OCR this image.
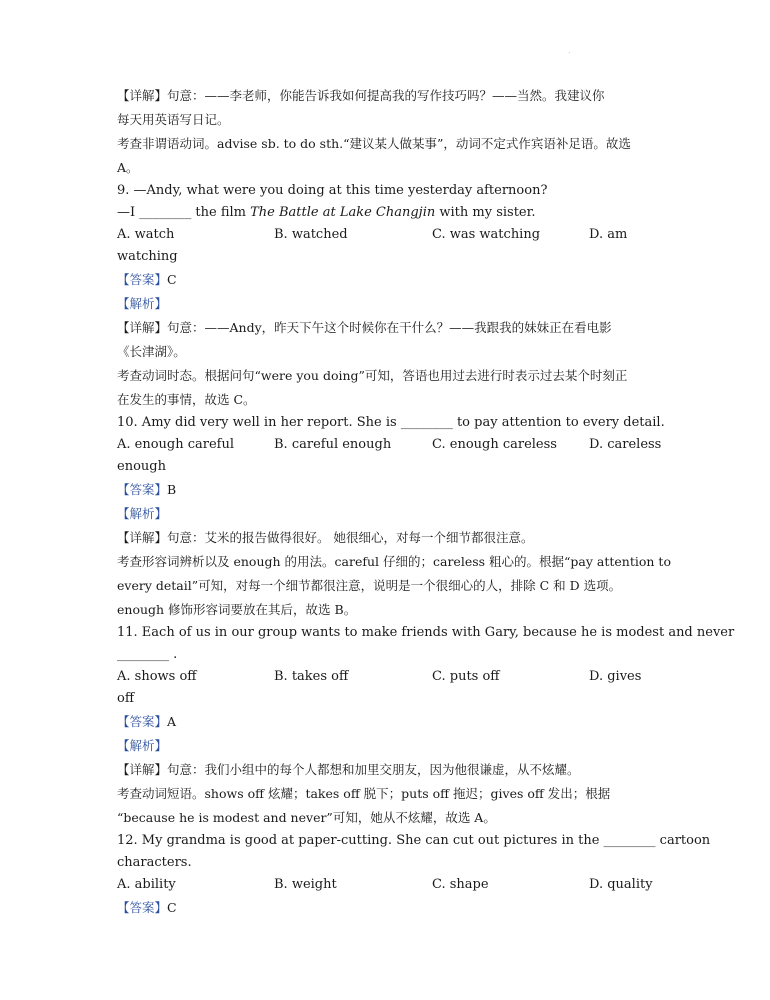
.
【详解】句意：——李老师，你能告诉我如何提高我的写作技巧吗？——当然。我建议你
每天用英语写日记。
考查非谓语动词。advise sb. to do sth.“建议某人做某事”，动词不定式作宾语补足语。故选
A。
9. —Andy, what were you doing at this time yesterday afternoon?
—I ________ the film The Battle at Lake Changjin with my sister.
A. watch	B. watched	C. was watching	D. am
watching
【答案】C
【解析】
【详解】句意：——Andy，昨天下午这个时候你在干什么？——我跟我的妹妹正在看电影
《长津湖》。
考查动词时态。根据问句“were you doing”可知，答语也用过去进行时表示过去某个时刻正
在发生的事情，故选 C。
10. Amy did very well in her report. She is ________ to pay attention to every detail.
A. enough careful	B. careful enough	C. enough careless D. careless
enough
【答案】B
【解析】
【详解】句意：艾米的报告做得很好。 她很细心，对每一个细节都很注意。
考查形容词辨析以及 enough 的用法。careful 仔细的；careless 粗心的。根据“pay attention to
every detail”可知，对每一个细节都很注意，说明是一个很细心的人，排除 C 和 D 选项。
enough 修饰形容词要放在其后，故选 B。
11. Each of us in our group wants to make friends with Gary, because he is modest and never
________ .
A. shows off	B. takes off	C. puts off	D. gives
off
【答案】A
【解析】
【详解】句意：我们小组中的每个人都想和加里交朋友，因为他很谦虚，从不炫耀。
考查动词短语。shows off 炫耀；takes off 脱下；puts off 拖迟；gives off 发出；根据
“because he is modest and never”可知，她从不炫耀，故选 A。
12. My grandma is good at paper-cutting. She can cut out pictures in the ________ cartoon
characters.
A. ability	B. weight	C. shape	D. quality
【答案】C
